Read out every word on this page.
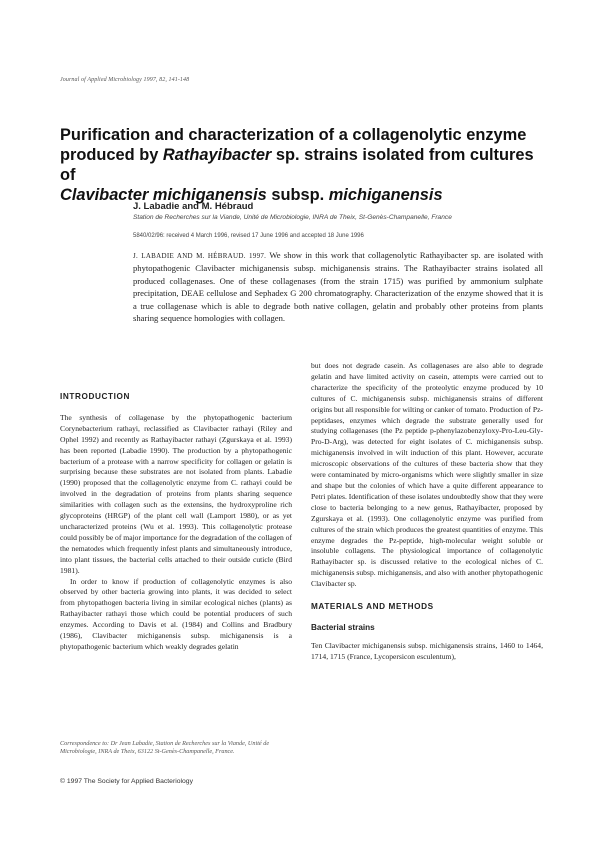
Journal of Applied Microbiology 1997, 82, 141-148
Purification and characterization of a collagenolytic enzyme
produced by Rathayibacter sp. strains isolated from cultures of
Clavibacter michiganensis subsp. michiganensis
J. Labadie and M. Hébraud
Station de Recherches sur la Viande, Unité de Microbiologie, INRA de Theix, St-Genès-Champanelle, France
5840/02/96: received 4 March 1996, revised 17 June 1996 and accepted 18 June 1996
J. LABADIE AND M. HÉBRAUD. 1997. We show in this work that collagenolytic Rathayibacter sp. are isolated with phytopathogenic Clavibacter michiganensis subsp. michiganensis strains. The Rathayibacter strains isolated all produced collagenases. One of these collagenases (from the strain 1715) was purified by ammonium sulphate precipitation, DEAE cellulose and Sephadex G 200 chromatography. Characterization of the enzyme showed that it is a true collagenase which is able to degrade both native collagen, gelatin and probably other proteins from plants sharing sequence homologies with collagen.
INTRODUCTION

The synthesis of collagenase by the phytopathogenic bacterium Corynebacterium rathayi, reclassified as Clavibacter rathayi (Riley and Ophel 1992) and recently as Rathayibacter rathayi (Zgurskaya et al. 1993) has been reported (Labadie 1990). The production by a phytopathogenic bacterium of a protease with a narrow specificity for collagen or gelatin is surprising because these substrates are not isolated from plants. Labadie (1990) proposed that the collagenolytic enzyme from C. rathayi could be involved in the degradation of proteins from plants sharing sequence similarities with collagen such as the extensins, the hydroxyproline rich glycoproteins (HRGP) of the plant cell wall (Lamport 1980), or as yet uncharacterized proteins (Wu et al. 1993). This collagenolytic protease could possibly be of major importance for the degradation of the collagen of the nematodes which frequently infest plants and simultaneously introduce, into plant tissues, the bacterial cells attached to their outside cuticle (Bird 1981).

In order to know if production of collagenolytic enzymes is also observed by other bacteria growing into plants, it was decided to select from phytopathogen bacteria living in similar ecological niches (plants) as Rathayibacter rathayi those which could be potential producers of such enzymes. According to Davis et al. (1984) and Collins and Bradbury (1986), Clavibacter michiganensis subsp. michiganensis is a phytopathogenic bacterium which weakly degrades gelatin

Correspondence to: Dr Jean Labadie, Station de Recherches sur la Viande, Unité de Microbiologie, INRA de Theix, 63122 St-Genès-Champanelle, France.
© 1997 The Society for Applied Bacteriology

but does not degrade casein. As collagenases are also able to degrade gelatin and have limited activity on casein, attempts were carried out to characterize the specificity of the proteolytic enzyme produced by 10 cultures of C. michiganensis subsp. michiganensis strains of different origins but all responsible for wilting or canker of tomato. Production of Pz-peptidases, enzymes which degrade the substrate generally used for studying collagenases (the Pz peptide p-phenylazobenzyloxy-Pro-Leu-Gly-Pro-D-Arg), was detected for eight isolates of C. michiganensis subsp. michiganensis involved in wilt induction of this plant. However, accurate microscopic observations of the cultures of these bacteria show that they were contaminated by micro-organisms which were slightly smaller in size and shape but the colonies of which have a quite different appearance to Petri plates. Identification of these isolates undoubtedly show that they were close to bacteria belonging to a new genus, Rathayibacter, proposed by Zgurskaya et al. (1993). One collagenolytic enzyme was purified from cultures of the strain which produces the greatest quantities of enzyme. This enzyme degrades the Pz-peptide, high-molecular weight soluble or insoluble collagens. The physiological importance of collagenolytic Rathayibacter sp. is discussed relative to the ecological niches of C. michiganensis subsp. michiganensis, and also with another phytopathogenic Clavibacter sp.

MATERIALS AND METHODS
Bacterial strains

Ten Clavibacter michiganensis subsp. michiganensis strains, 1460 to 1464, 1714, 1715 (France, Lycopersicon esculentum),
